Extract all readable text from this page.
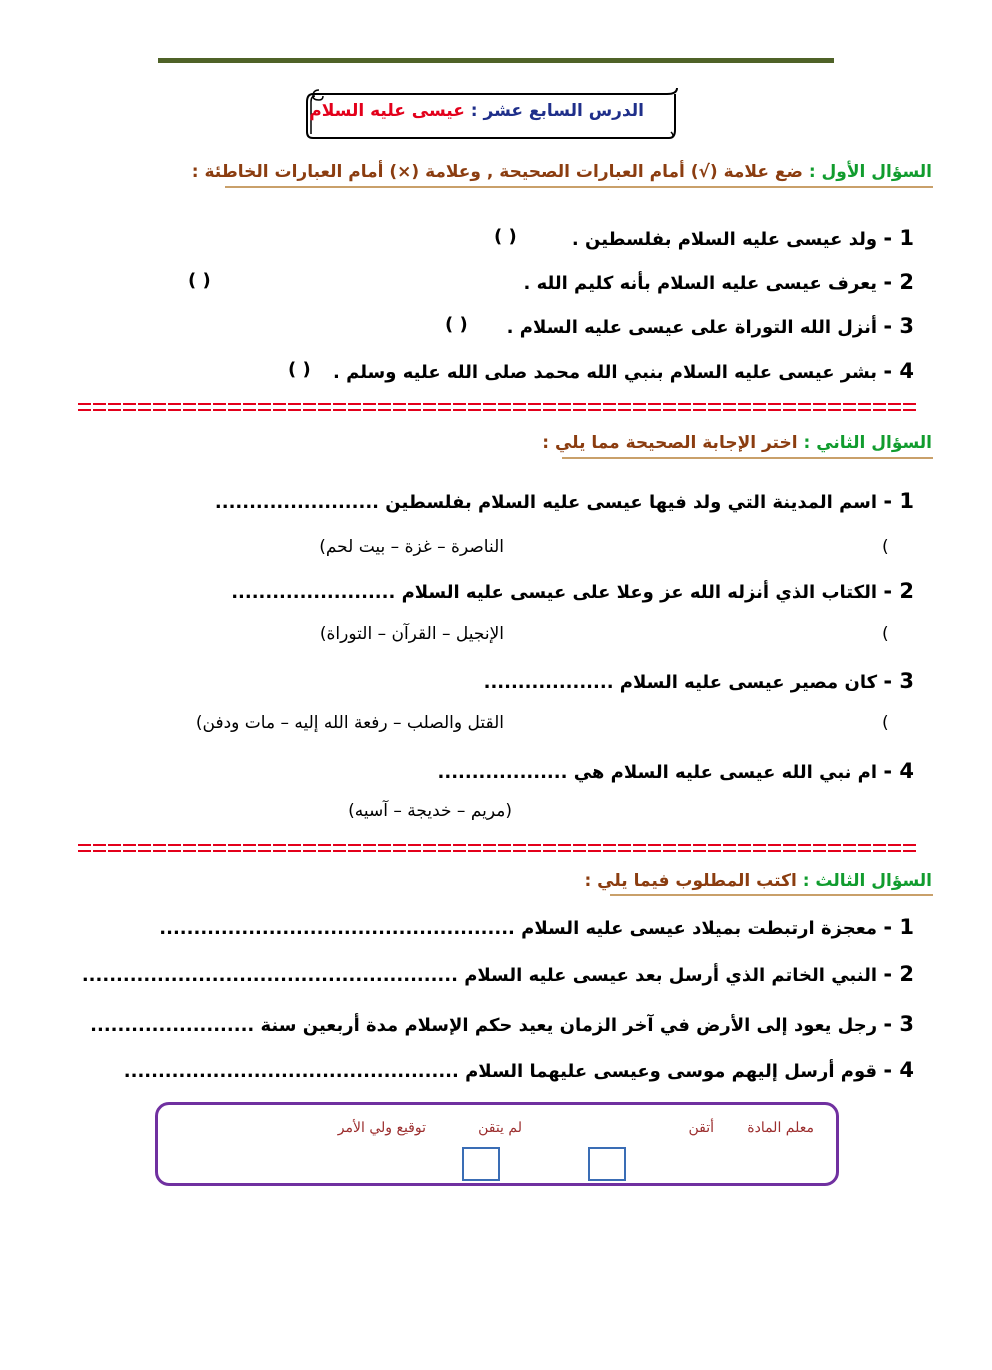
الدرس السابع عشر : عيسى عليه السلام
السؤال الأول : ضع علامة (√) أمام العبارات الصحيحة , وعلامة (×) أمام العبارات الخاطئة :
1 - ولد عيسى عليه السلام بفلسطين .
( )
2 - يعرف عيسى عليه السلام بأنه كليم الله .
( )
3 - أنزل الله التوراة على عيسى عليه السلام .
( )
4 - بشر عيسى عليه السلام بنبي الله محمد صلى الله عليه وسلم .
( )
السؤال الثاني : اختر الإجابة الصحيحة مما يلي :
1 - اسم المدينة التي ولد فيها عيسى عليه السلام بفلسطين ........................
(
الناصرة – غزة – بيت لحم)
2 - الكتاب الذي أنزله الله عز وعلا على عيسى عليه السلام ........................
(
الإنجيل – القرآن – التوراة)
3 - كان مصير عيسى عليه السلام ...................
(
القتل والصلب – رفعة الله إليه – مات ودفن)
4 - ام نبي الله عيسى عليه السلام هي ...................
(مريم – خديجة – آسيه)
السؤال الثالث : اكتب المطلوب فيما يلي :
1 - معجزة ارتبطت بميلاد عيسى عليه السلام ....................................................
2 - النبي الخاتم الذي أرسل بعد عيسى عليه السلام .......................................................
3 - رجل يعود إلى الأرض في آخر الزمان يعيد حكم الإسلام مدة أربعين سنة ........................
4 - قوم أرسل إليهم موسى وعيسى عليهما السلام .................................................
معلم المادة
أتقن
لم يتقن
توقيع ولي الأمر
